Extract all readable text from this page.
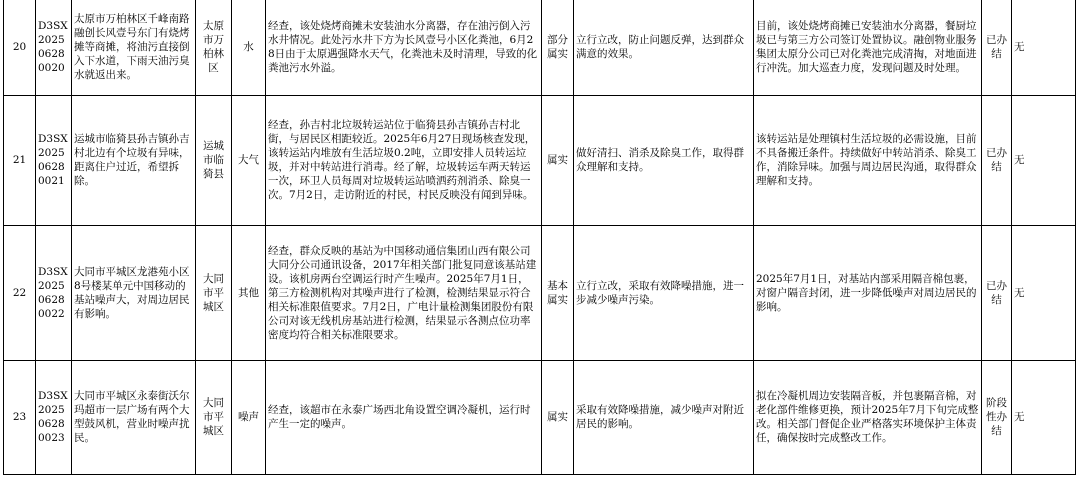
20	D3SX202506280020	太原市万柏林区千峰南路融创长风壹号东门有烧烤摊等商摊，将油污直接倒入下水道，下雨天油污臭水就返出来。	太原市万柏林区	水	经查，该处烧烤商摊未安装油水分离器，存在油污倒入污水井情况。此处污水井下方为长风壹号小区化粪池，6月28日由于太原遇强降水天气，化粪池未及时清理，导致的化粪池污水外溢。	部分属实	立行立改，防止问题反弹，达到群众满意的效果。	目前，该处烧烤商摊已安装油水分离器，餐厨垃圾已与第三方公司签订处置协议。融创物业服务集团太原分公司已对化粪池完成清掏，对地面进行冲洗。加大巡查力度，发现问题及时处理。	已办结	无
21	D3SX202506280021	运城市临猗县孙吉镇孙吉村北边有个垃圾有异味，距离住户过近，希望拆除。	运城市临猗县	大气	经查，孙吉村北垃圾转运站位于临猗县孙吉镇孙吉村北街，与居民区相距较近。2025年6月27日现场核查发现，该转运站内堆放有生活垃圾0.2吨，立即安排人员转运垃圾，并对中转站进行消毒。经了解，垃圾转运车两天转运一次，环卫人员每周对垃圾转运站喷洒药剂消杀、除臭一次。7月2日，走访附近的村民，村民反映没有闻到异味。	属实	做好清扫、消杀及除臭工作，取得群众理解和支持。	该转运站是处理镇村生活垃圾的必需设施，目前不具备搬迁条件。持续做好中转站消杀、除臭工作，消除异味。加强与周边居民沟通，取得群众理解和支持。	已办结	无
22	D3SX202506280022	大同市平城区龙港苑小区8号楼某单元中国移动的基站噪声大，对周边居民有影响。	大同市平城区	其他	经查，群众反映的基站为中国移动通信集团山西有限公司大同分公司通讯设备，2017年相关部门批复同意该基站建设。该机房两台空调运行时产生噪声。2025年7月1日，第三方检测机构对其噪声进行了检测，检测结果显示符合相关标准限值要求。7月2日，广电计量检测集团股份有限公司对该无线机房基站进行检测，结果显示各测点位功率密度均符合相关标准限要求。	基本属实	立行立改，采取有效降噪措施，进一步减少噪声污染。	2025年7月1日，对基站内部采用隔音棉包裹，对窗户隔音封闭，进一步降低噪声对周边居民的影响。	已办结	无
23	D3SX202506280023	大同市平城区永泰街沃尔玛超市一层广场有两个大型鼓风机，营业时噪声扰民。	大同市平城区	噪声	经查，该超市在永泰广场西北角设置空调冷凝机，运行时产生一定的噪声。	属实	采取有效降噪措施，减少噪声对附近居民的影响。	拟在冷凝机周边安装隔音板，并包裹隔音棉，对老化部件维修更换，预计2025年7月下旬完成整改。相关部门督促企业严格落实环境保护主体责任，确保按时完成整改工作。	阶段性办结	无
